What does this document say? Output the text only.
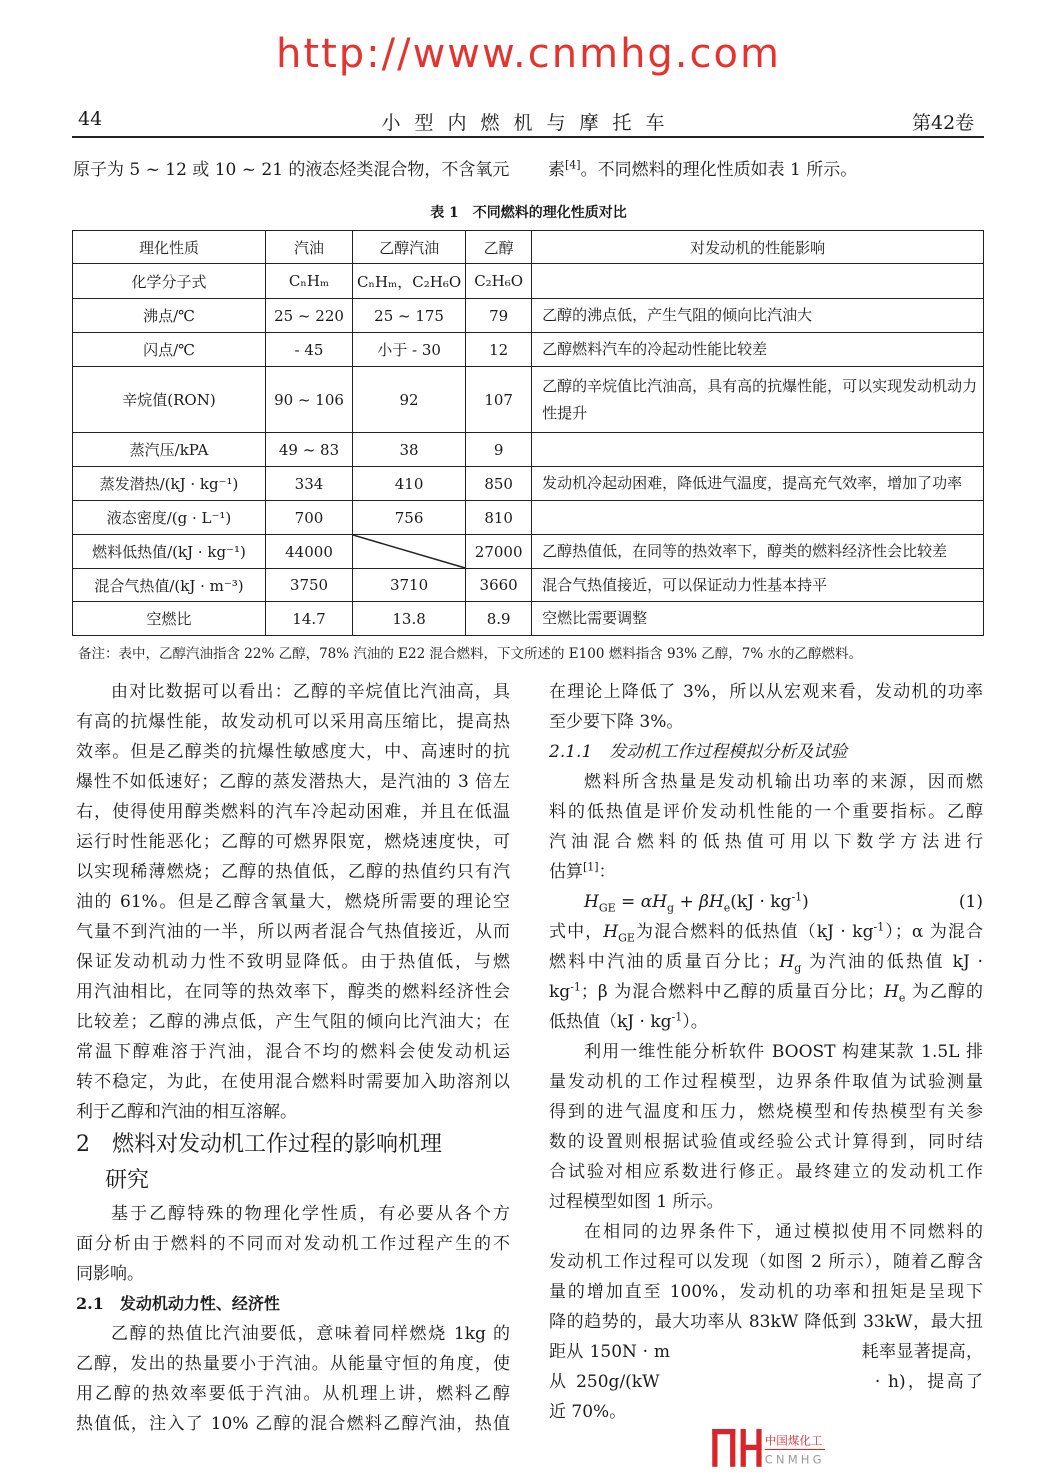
http://www.cnmhg.com
44	小型内燃机与摩托车	第42卷
原子为 5 ~ 12 或 10 ~ 21 的液态烃类混合物，不含氧元 素[4]。不同燃料的理化性质如表 1 所示。
表 1　不同燃料的理化性质对比
理化性质	汽油	乙醇汽油	乙醇	对发动机的性能影响
化学分子式	CₙHₘ	CₙHₘ，C₂H₆O	C₂H₆O	
沸点/℃	25 ~ 220	25 ~ 175	79	乙醇的沸点低，产生气阻的倾向比汽油大
闪点/℃	- 45	小于 - 30	12	乙醇燃料汽车的冷起动性能比较差
辛烷值(RON)	90 ~ 106	92	107	乙醇的辛烷值比汽油高，具有高的抗爆性能，可以实现发动机动力性提升
蒸汽压/kPA	49 ~ 83	38	9	
蒸发潜热/(kJ · kg⁻¹)	334	410	850	发动机冷起动困难，降低进气温度，提高充气效率，增加了功率
液态密度/(g · L⁻¹)	700	756	810	
燃料低热值/(kJ · kg⁻¹)	44000		27000	乙醇热值低，在同等的热效率下，醇类的燃料经济性会比较差
混合气热值/(kJ · m⁻³)	3750	3710	3660	混合气热值接近，可以保证动力性基本持平
空燃比	14.7	13.8	8.9	空燃比需要调整
备注：表中，乙醇汽油指含 22% 乙醇，78% 汽油的 E22 混合燃料，下文所述的 E100 燃料指含 93% 乙醇，7% 水的乙醇燃料。
由对比数据可以看出：乙醇的辛烷值比汽油高，具
有高的抗爆性能，故发动机可以采用高压缩比，提高热
效率。但是乙醇类的抗爆性敏感度大，中、高速时的抗
爆性不如低速好；乙醇的蒸发潜热大，是汽油的 3 倍左
右，使得使用醇类燃料的汽车冷起动困难，并且在低温
运行时性能恶化；乙醇的可燃界限宽，燃烧速度快，可
以实现稀薄燃烧；乙醇的热值低，乙醇的热值约只有汽
油的 61%。但是乙醇含氧量大，燃烧所需要的理论空
气量不到汽油的一半，所以两者混合气热值接近，从而
保证发动机动力性不致明显降低。由于热值低，与燃
用汽油相比，在同等的热效率下，醇类的燃料经济性会
比较差；乙醇的沸点低，产生气阻的倾向比汽油大；在
常温下醇难溶于汽油，混合不均的燃料会使发动机运
转不稳定，为此，在使用混合燃料时需要加入助溶剂以
利于乙醇和汽油的相互溶解。
2　燃料对发动机工作过程的影响机理
　 研究
基于乙醇特殊的物理化学性质，有必要从各个方
面分析由于燃料的不同而对发动机工作过程产生的不
同影响。
2.1　发动机动力性、经济性
乙醇的热值比汽油要低，意味着同样燃烧 1kg 的
乙醇，发出的热量要小于汽油。从能量守恒的角度，使
用乙醇的热效率要低于汽油。从机理上讲，燃料乙醇
热值低，注入了 10% 乙醇的混合燃料乙醇汽油，热值
在理论上降低了 3%，所以从宏观来看，发动机的功率
至少要下降 3%。
2.1.1　发动机工作过程模拟分析及试验
燃料所含热量是发动机输出功率的来源，因而燃
料的低热值是评价发动机性能的一个重要指标。乙醇
汽油混合燃料的低热值可用以下数学方法进行
估算[1]：
$H_{GE} = \alpha H_g + \beta H_e(kJ \cdot kg^{-1})$	(1)
式中，$H_{GE}$为混合燃料的低热值$(kJ \cdot kg^{-1})$；α 为混合
燃料中汽油的质量百分比；$H_g$ 为汽油的低热值 kJ ·
$kg^{-1}$；β 为混合燃料中乙醇的质量百分比；$H_e$ 为乙醇的
低热值$(kJ \cdot kg^{-1})$。
利用一维性能分析软件 BOOST 构建某款 1.5L 排
量发动机的工作过程模型，边界条件取值为试验测量
得到的进气温度和压力，燃烧模型和传热模型有关参
数的设置则根据试验值或经验公式计算得到，同时结
合试验对相应系数进行修正。最终建立的发动机工作
过程模型如图 1 所示。
在相同的边界条件下，通过模拟使用不同燃料的
发动机工作过程可以发现（如图 2 所示），随着乙醇含
量的增加直至 100%，发动机的功率和扭矩是呈现下
降的趋势的，最大功率从 83kW 降低到 33kW，最大扭
距从 150N · m　　　　　　　　　　　耗率显著提高，
从 250g/(kW　　　　　　　　　　　· h)，提高了
近 70%。
中国煤化工
CNMHG
